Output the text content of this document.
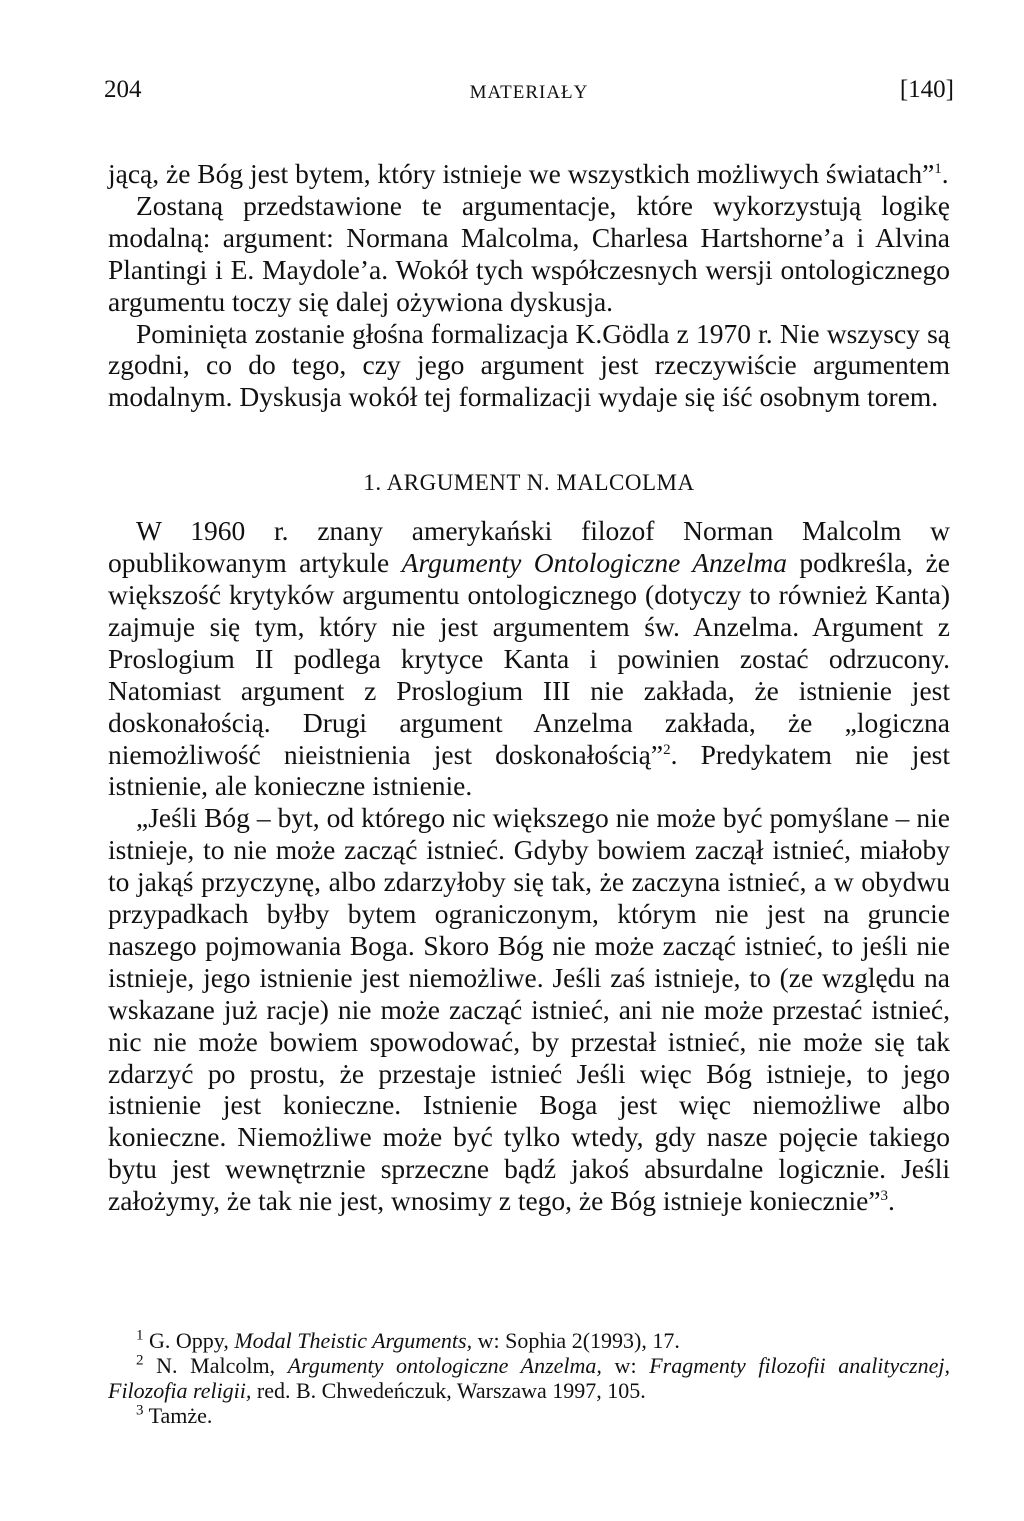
204	MATERIAŁY	[140]

jącą, że Bóg jest bytem, który istnieje we wszystkich możliwych światach”$^1$.

Zostaną przedstawione te argumentacje, które wykorzystują logikę modalną: argument: Normana Malcolma, Charlesa Hartshorne’a i Alvina Plantingi i E. Maydole’a. Wokół tych współczesnych wersji ontologicznego argumentu toczy się dalej ożywiona dyskusja.

Pominięta zostanie głośna formalizacja K.Gödla z 1970 r. Nie wszyscy są zgodni, co do tego, czy jego argument jest rzeczywiście argumentem modalnym. Dyskusja wokół tej formalizacji wydaje się iść osobnym torem.

1. ARGUMENT N. MALCOLMA

W 1960 r. znany amerykański filozof Norman Malcolm w opublikowanym artykule Argumenty Ontologiczne Anzelma podkreśla, że większość krytyków argumentu ontologicznego (dotyczy to również Kanta) zajmuje się tym, który nie jest argumentem św. Anzelma. Argument z Proslogium II podlega krytyce Kanta i powinien zostać odrzucony. Natomiast argument z Proslogium III nie zakłada, że istnienie jest doskonałością. Drugi argument Anzelma zakłada, że „logiczna niemożliwość nieistnienia jest doskonałością”$^2$. Predykatem nie jest istnienie, ale konieczne istnienie.

„Jeśli Bóg – byt, od którego nic większego nie może być pomyślane – nie istnieje, to nie może zacząć istnieć. Gdyby bowiem zaczął istnieć, miałoby to jakąś przyczynę, albo zdarzyłoby się tak, że zaczyna istnieć, a w obydwu przypadkach byłby bytem ograniczonym, którym nie jest na gruncie naszego pojmowania Boga. Skoro Bóg nie może zacząć istnieć, to jeśli nie istnieje, jego istnienie jest niemożliwe. Jeśli zaś istnieje, to (ze względu na wskazane już racje) nie może zacząć istnieć, ani nie może przestać istnieć, nic nie może bowiem spowodować, by przestał istnieć, nie może się tak zdarzyć po prostu, że przestaje istnieć Jeśli więc Bóg istnieje, to jego istnienie jest konieczne. Istnienie Boga jest więc niemożliwe albo konieczne. Niemożliwe może być tylko wtedy, gdy nasze pojęcie takiego bytu jest wewnętrznie sprzeczne bądź jakoś absurdalne logicznie. Jeśli założymy, że tak nie jest, wnosimy z tego, że Bóg istnieje koniecznie”$^3$.

$^1$ G. Oppy, Modal Theistic Arguments, w: Sophia 2(1993), 17.

$^2$ N. Malcolm, Argumenty ontologiczne Anzelma, w: Fragmenty filozofii analitycznej, Filozofia religii, red. B. Chwedeńczuk, Warszawa 1997, 105.

$^3$ Tamże.
